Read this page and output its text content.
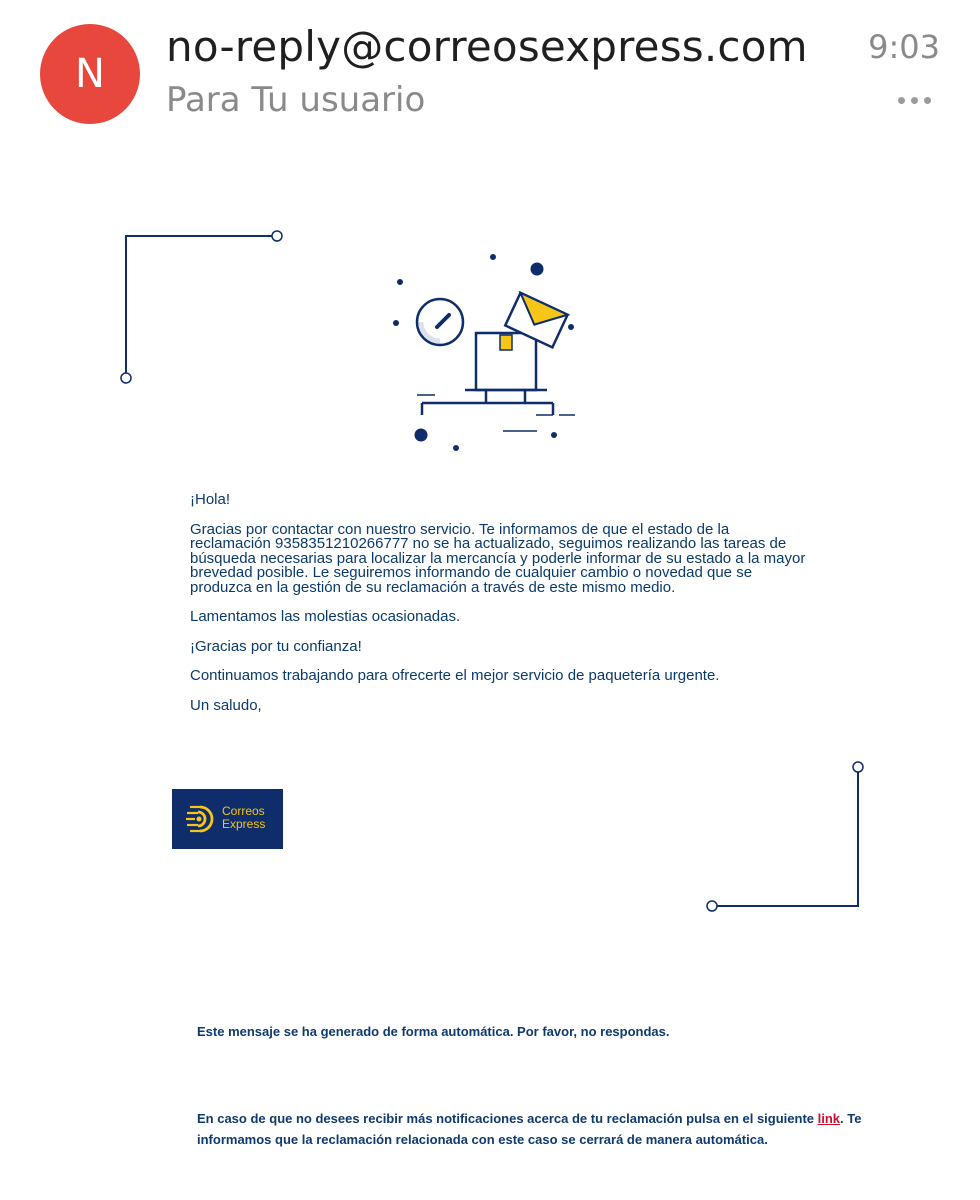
N
no-reply@correosexpress.com
Para Tu usuario
9:03

¡Hola!

Gracias por contactar con nuestro servicio. Te informamos de que el estado de la reclamación 9358351210266777 no se ha actualizado, seguimos realizando las tareas de búsqueda necesarias para localizar la mercancía y poderle informar de su estado a la mayor brevedad posible. Le seguiremos informando de cualquier cambio o novedad que se produzca en la gestión de su reclamación a través de este mismo medio.

Lamentamos las molestias ocasionadas.

¡Gracias por tu confianza!

Continuamos trabajando para ofrecerte el mejor servicio de paquetería urgente.

Un saludo,

Correos
Express
Este mensaje se ha generado de forma automática. Por favor, no respondas.
En caso de que no desees recibir más notificaciones acerca de tu reclamación pulsa en el siguiente link. Te informamos que la reclamación relacionada con este caso se cerrará de manera automática.
